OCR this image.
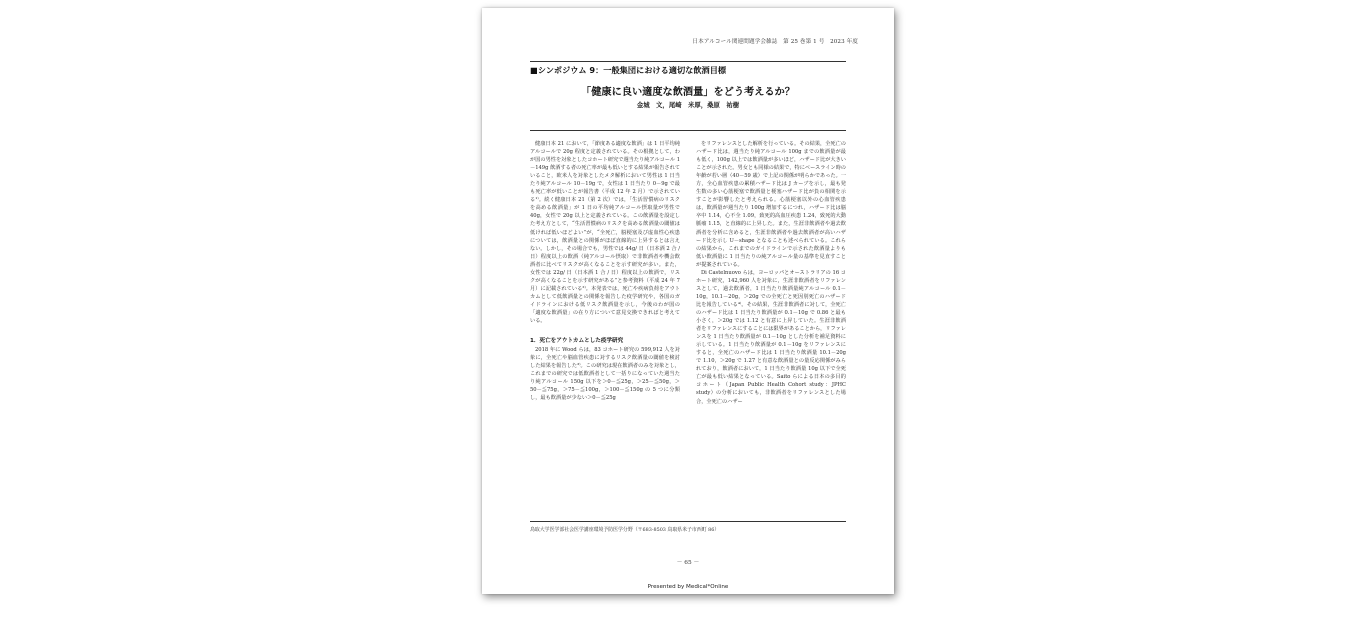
日本アルコール関連問題学会雑誌　第 25 巻第 1 号　2023 年度
■シンポジウム 9：一般集団における適切な飲酒目標
「健康に良い適度な飲酒量」をどう考えるか？
金城　文，尾崎　米厚，桑原　祐樹

健康日本 21 において，「節度ある適度な飲酒」は 1 日平均純アルコールで 20g 程度と定義されている。その根拠として，わが国の男性を対象としたコホート研究で週当たり純アルコール 1－149g 飲酒する者の死亡率が最も低いとする結果が報告されていること，欧米人を対象としたメタ解析において男性は 1 日当たり純アルコール 10－19g で，女性は 1 日当たり 0－9g で最も死亡率が低いことが報告書（平成 12 年 2 月）で示されている¹⁾。続く健康日本 21（第 2 次）では，「生活習慣病のリスクを高める飲酒量」が 1 日の平均純アルコール摂取量が男性で 40g，女性で 20g 以上と定義されている。この飲酒量を設定した考え方として，“生活習慣病のリスクを高める飲酒量の閾値は低ければ低いほどよい”が，“全死亡，脳梗塞及び虚血性心疾患については，飲酒量との関係がほぼ直線的に上昇するとは言えない。しかし，その場合でも，男性では 44g/ 日（日本酒 2 合 / 日）程度以上の飲酒（純アルコール摂取）で非飲酒者や機会飲酒者に比べてリスクが高くなることを示す研究が多い。また，女性では 22g/ 日（日本酒 1 合 / 日）程度以上の飲酒で，リスクが高くなることを示す研究がある”と参考資料（平成 24 年 7 月）に記載されている²⁾。本発表では，死亡や疾病負荷をアウトカムとして低飲酒量との関係を報告した疫学研究や，各国のガイドラインにおける低リスク飲酒量を示し，今後のわが国の「適度な飲酒量」の在り方について意見交換できればと考えている。

1．死亡をアウトカムとした疫学研究

2018 年に Wood らは，83 コホート研究の 599,912 人を対象に，全死亡や脳血管疾患に対するリスク飲酒量の閾値を検討した結果を報告した³⁾。この研究は現在飲酒者のみを対象とし，これまでの研究では低飲酒者として一括りになっていた週当たり純アルコール 150g 以下を＞0－≦25g，＞25－≦50g，＞50－≦75g，＞75－≦100g，＞100－≦150g の 5 つに分類し，最も飲酒量が少ない＞0－≦25g

をリファレンスとした解析を行っている。その結果，全死亡のハザード比は，週当たり純アルコール 100g までの飲酒量が最も低く，100g 以上では飲酒量が多いほど，ハザード比が大きいことが示された。男女とも同様の結果で，特にベースライン時の年齢が若い層（40－59 歳）で上記の関係が明らかであった。一方，全心血管疾患の累積ハザード比は J カーブを示し，最も発生数の多い心筋梗塞で飲酒量と梗塞ハザード比が負の相関を示すことが影響したと考えられる。心筋梗塞以外の心血管疾患は，飲酒量が週当たり 100g 増加するにつれ，ハザード比は脳卒中 1.14，心不全 1.09，致死的高血圧疾患 1.24，致死的大動脈瘤 1.15，と直線的に上昇した。また，生涯非飲酒者や過去飲酒者を分析に含めると，生涯非飲酒者や過去飲酒者が高いハザード比を示し U－shape となることも述べられている。これらの結果から，これまでのガイドラインで示された飲酒量よりも低い飲酒量に 1 日当たりの純アルコール量の基準を見直すことが提案されている。

Di Castelnuovo らは，ヨーロッパとオーストラリアの 16 コホート研究，142,960 人を対象に，生涯非飲酒者をリファレンスとして，過去飲酒者，1 日当たり飲酒量純アルコール 0.1－10g，10.1－20g，＞20g での全死亡と死因別死亡のハザード比を報告している⁴⁾。その結果，生涯非飲酒者に対して，全死亡のハザード比は 1 日当たり飲酒量が 0.1－10g で 0.86 と最も小さく，＞20g では 1.12 と有意に上昇していた。生涯非飲酒者をリファレンスにすることには限界があることから，リファレンスを 1 日当たり飲酒量が 0.1－10g とした分析を補足資料に示している。1 日当たり飲酒量が 0.1－10g をリファレンスにすると，全死亡のハザード比は 1 日当たり飲酒量 10.1－20g で 1.10，＞20g で 1.27 と有意な飲酒量との量反応関係がみられており，飲酒者において，1 日当たり飲酒量 10g 以下で全死亡が最も低い結果となっている。Saito らによる日本の多目的コホート（Japan Public Health Cohort study：JPHC study）の分析においても，非飲酒者をリファレンスとした場合，全死亡のハザー

鳥取大学医学部社会医学講座環境予防医学分野（〒683-8503 鳥取県米子市西町 86）
－ 65 －
Presented by Medical*Online
